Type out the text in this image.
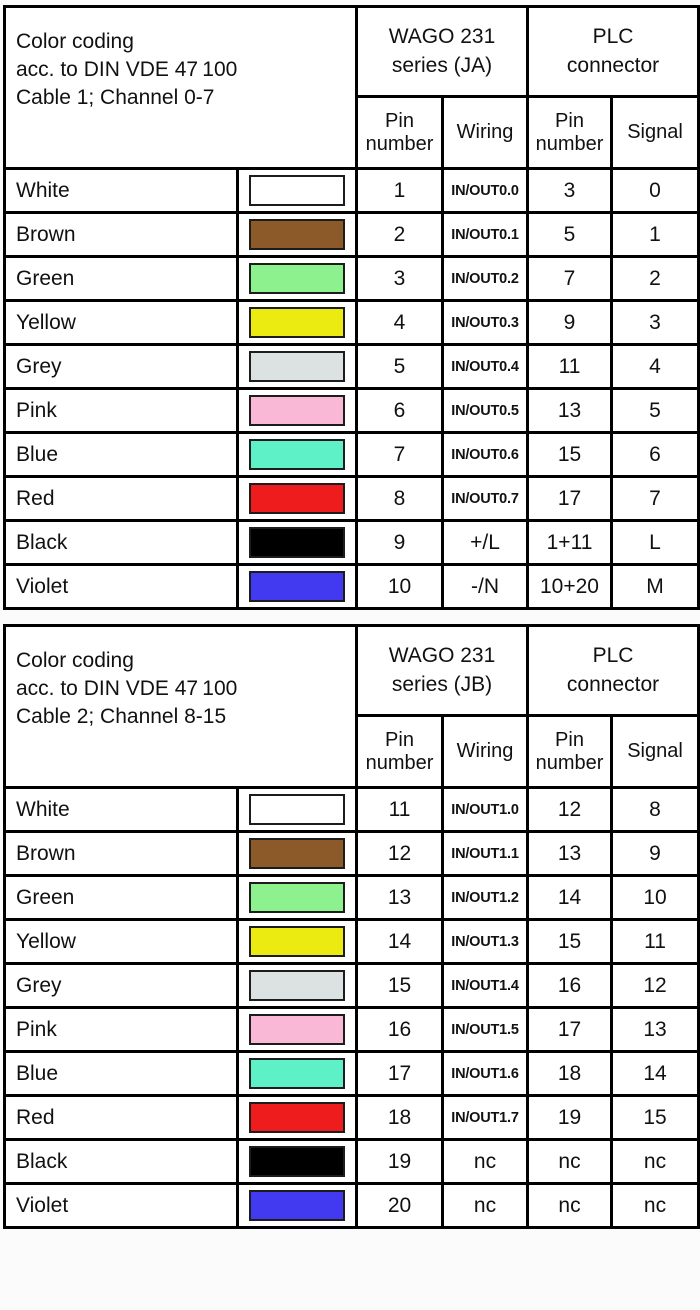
Color coding
acc. to DIN VDE 47 100
Cable 1; Channel 0-7

WAGO 231
series (JA)

PLC
connector

		Pin number	Wiring	Pin number	Signal
White		1	IN/OUT0.0	3	0
Brown		2	IN/OUT0.1	5	1
Green		3	IN/OUT0.2	7	2
Yellow		4	IN/OUT0.3	9	3
Grey		5	IN/OUT0.4	11	4
Pink		6	IN/OUT0.5	13	5
Blue		7	IN/OUT0.6	15	6
Red		8	IN/OUT0.7	17	7
Black		9	+/L	1+11	L
Violet		10	-/N	10+20	M
Color coding
acc. to DIN VDE 47 100
Cable 2; Channel 8-15

WAGO 231
series (JB)

PLC
connector

		Pin number	Wiring	Pin number	Signal
White		11	IN/OUT1.0	12	8
Brown		12	IN/OUT1.1	13	9
Green		13	IN/OUT1.2	14	10
Yellow		14	IN/OUT1.3	15	11
Grey		15	IN/OUT1.4	16	12
Pink		16	IN/OUT1.5	17	13
Blue		17	IN/OUT1.6	18	14
Red		18	IN/OUT1.7	19	15
Black		19	nc	nc	nc
Violet		20	nc	nc	nc
